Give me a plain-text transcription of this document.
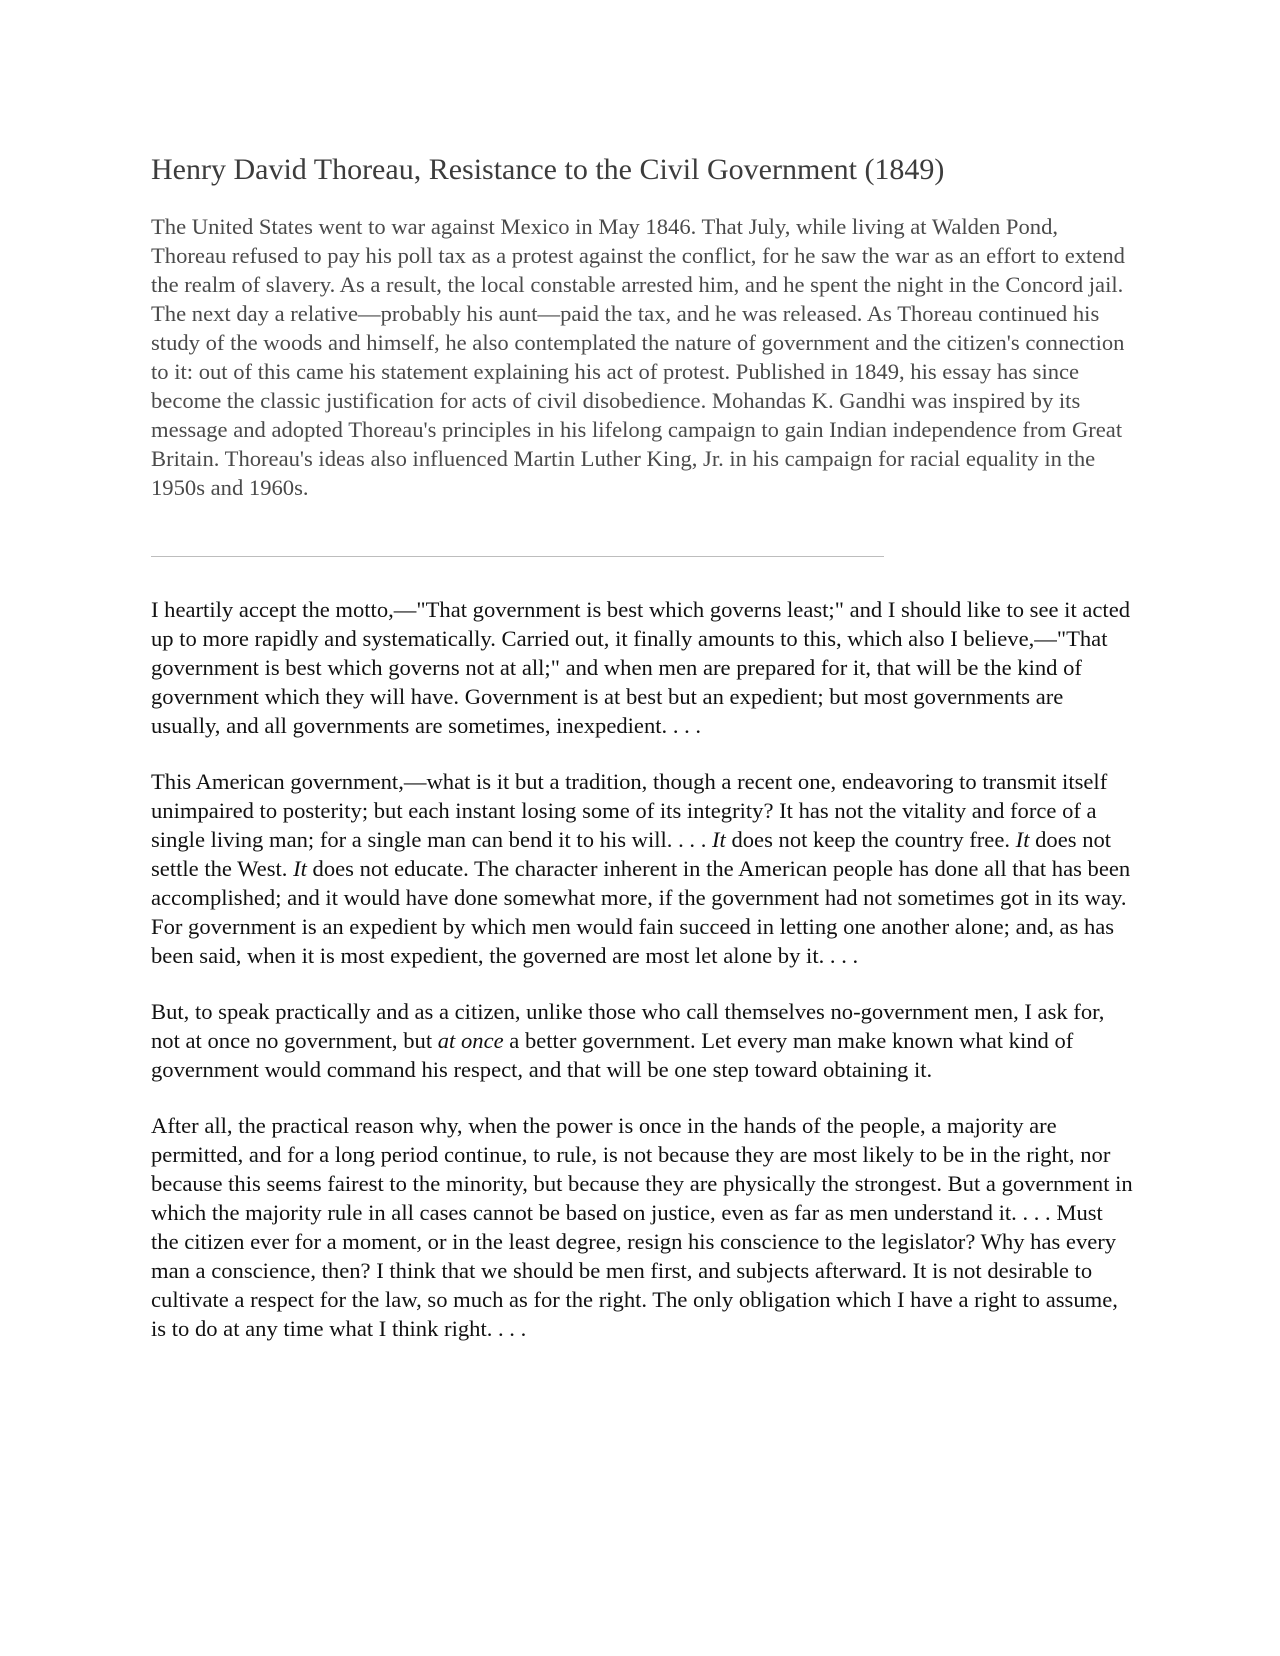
Henry David Thoreau, Resistance to the Civil Government (1849)

The United States went to war against Mexico in May 1846. That July, while living at Walden Pond, Thoreau refused to pay his poll tax as a protest against the conflict, for he saw the war as an effort to extend the realm of slavery. As a result, the local constable arrested him, and he spent the night in the Concord jail. The next day a relative—probably his aunt—paid the tax, and he was released. As Thoreau continued his study of the woods and himself, he also contemplated the nature of government and the citizen's connection to it: out of this came his statement explaining his act of protest. Published in 1849, his essay has since become the classic justification for acts of civil disobedience. Mohandas K. Gandhi was inspired by its message and adopted Thoreau's principles in his lifelong campaign to gain Indian independence from Great Britain. Thoreau's ideas also influenced Martin Luther King, Jr. in his campaign for racial equality in the 1950s and 1960s.

I heartily accept the motto,—"That government is best which governs least;" and I should like to see it acted up to more rapidly and systematically. Carried out, it finally amounts to this, which also I believe,—"That government is best which governs not at all;" and when men are prepared for it, that will be the kind of government which they will have. Government is at best but an expedient; but most governments are usually, and all governments are sometimes, inexpedient. . . .

This American government,—what is it but a tradition, though a recent one, endeavoring to transmit itself unimpaired to posterity; but each instant losing some of its integrity? It has not the vitality and force of a single living man; for a single man can bend it to his will. . . . It does not keep the country free. It does not settle the West. It does not educate. The character inherent in the American people has done all that has been accomplished; and it would have done somewhat more, if the government had not sometimes got in its way. For government is an expedient by which men would fain succeed in letting one another alone; and, as has been said, when it is most expedient, the governed are most let alone by it. . . .

But, to speak practically and as a citizen, unlike those who call themselves no-government men, I ask for, not at once no government, but at once a better government. Let every man make known what kind of government would command his respect, and that will be one step toward obtaining it.

After all, the practical reason why, when the power is once in the hands of the people, a majority are permitted, and for a long period continue, to rule, is not because they are most likely to be in the right, nor because this seems fairest to the minority, but because they are physically the strongest. But a government in which the majority rule in all cases cannot be based on justice, even as far as men understand it. . . . Must the citizen ever for a moment, or in the least degree, resign his conscience to the legislator? Why has every man a conscience, then? I think that we should be men first, and subjects afterward. It is not desirable to cultivate a respect for the law, so much as for the right. The only obligation which I have a right to assume, is to do at any time what I think right. . . .
